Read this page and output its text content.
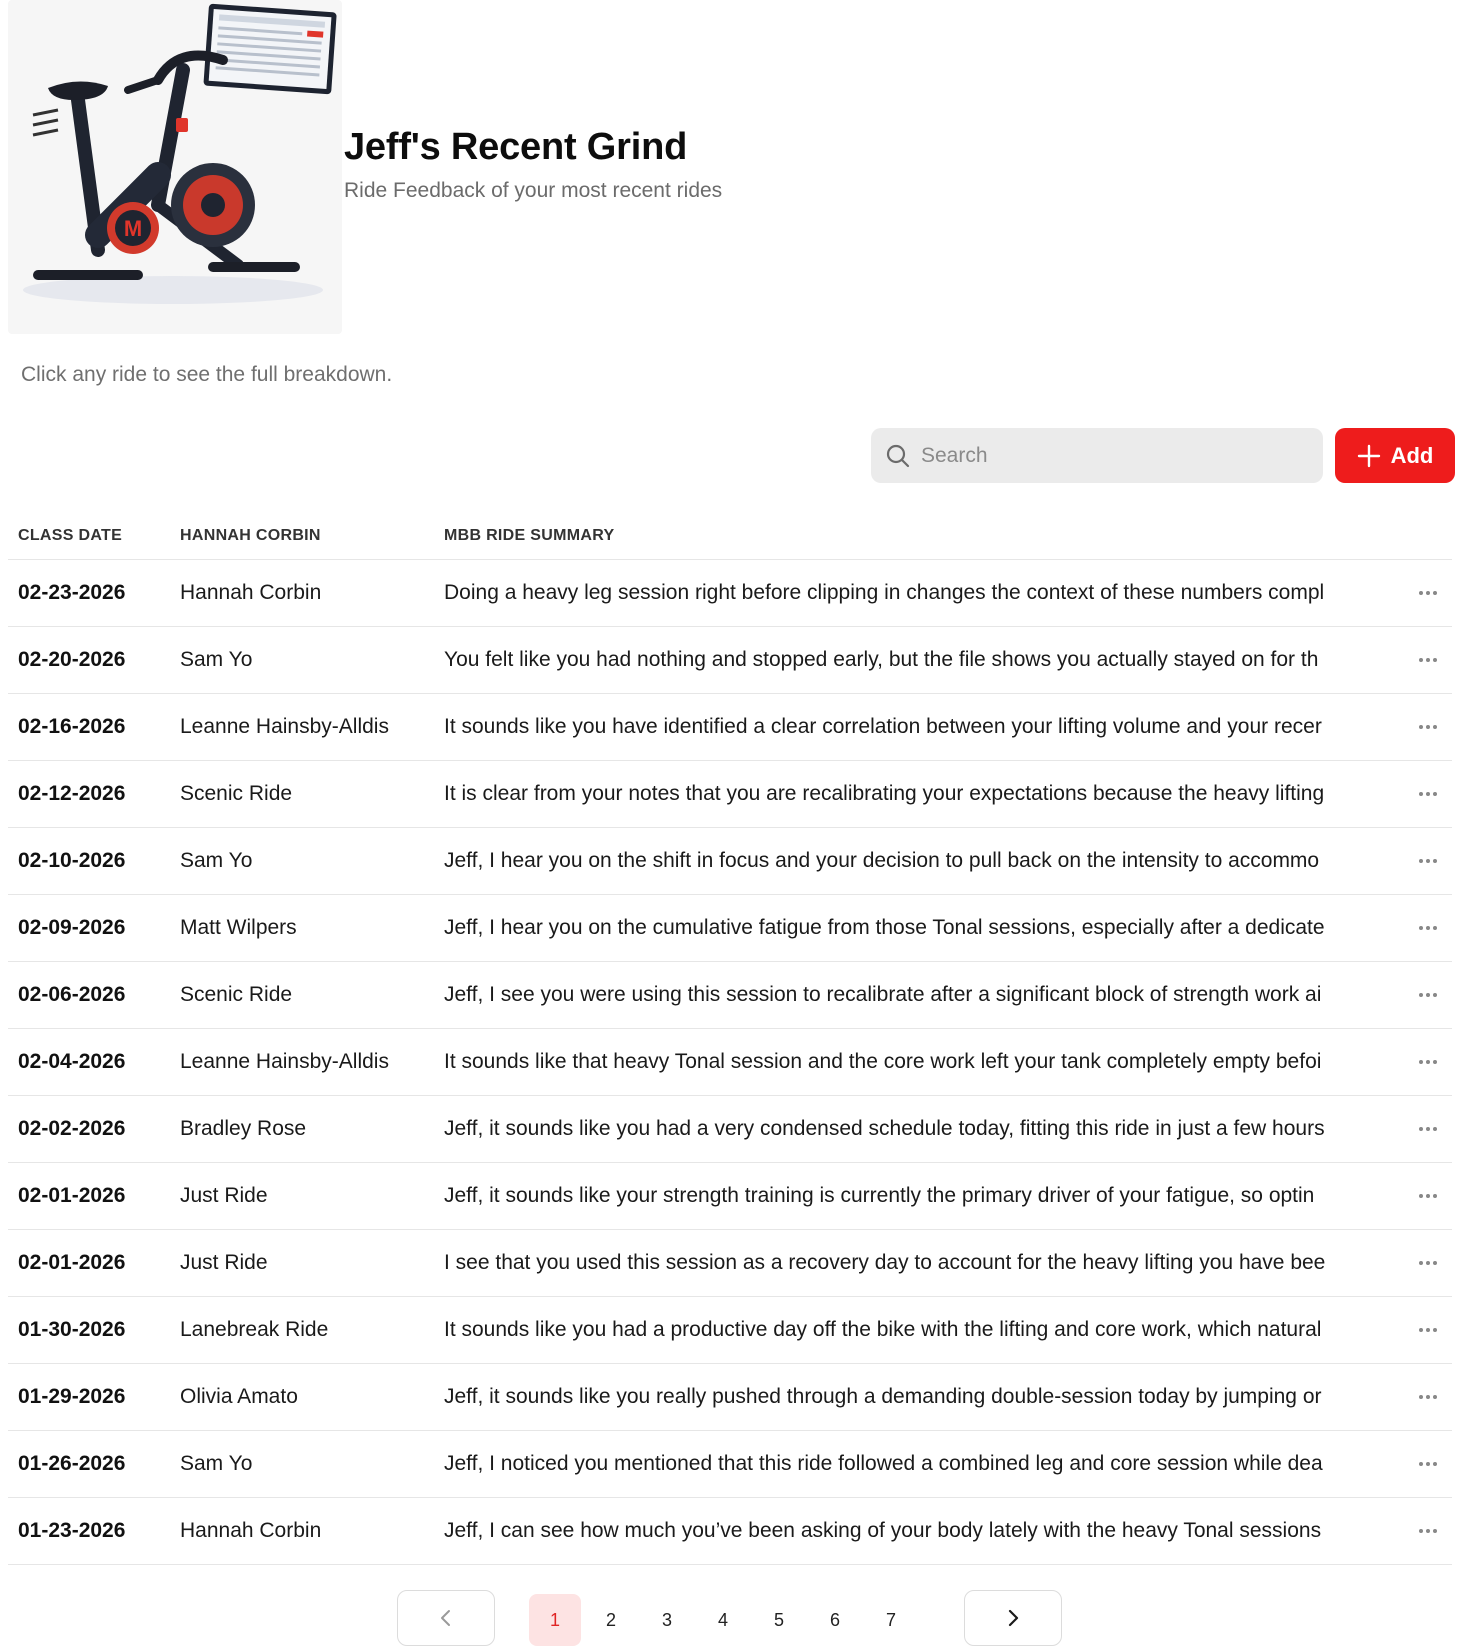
M
Jeff's Recent Grind

Ride Feedback of your most recent rides

Click any ride to see the full breakdown.

Search
Add
CLASS DATE	HANNAH CORBIN	MBB RIDE SUMMARY
02-23-2026	Hannah Corbin	Doing a heavy leg session right before clipping in changes the context of these numbers compl
02-20-2026	Sam Yo	You felt like you had nothing and stopped early, but the file shows you actually stayed on for th
02-16-2026	Leanne Hainsby-Alldis	It sounds like you have identified a clear correlation between your lifting volume and your recer
02-12-2026	Scenic Ride	It is clear from your notes that you are recalibrating your expectations because the heavy lifting
02-10-2026	Sam Yo	Jeff, I hear you on the shift in focus and your decision to pull back on the intensity to accommo
02-09-2026	Matt Wilpers	Jeff, I hear you on the cumulative fatigue from those Tonal sessions, especially after a dedicate
02-06-2026	Scenic Ride	Jeff, I see you were using this session to recalibrate after a significant block of strength work ai
02-04-2026	Leanne Hainsby-Alldis	It sounds like that heavy Tonal session and the core work left your tank completely empty befoi
02-02-2026	Bradley Rose	Jeff, it sounds like you had a very condensed schedule today, fitting this ride in just a few hours
02-01-2026	Just Ride	Jeff, it sounds like your strength training is currently the primary driver of your fatigue, so optin
02-01-2026	Just Ride	I see that you used this session as a recovery day to account for the heavy lifting you have bee
01-30-2026	Lanebreak Ride	It sounds like you had a productive day off the bike with the lifting and core work, which natural
01-29-2026	Olivia Amato	Jeff, it sounds like you really pushed through a demanding double-session today by jumping or
01-26-2026	Sam Yo	Jeff, I noticed you mentioned that this ride followed a combined leg and core session while dea
01-23-2026	Hannah Corbin	Jeff, I can see how much you’ve been asking of your body lately with the heavy Tonal sessions
1	2	3	4	5	6	7
